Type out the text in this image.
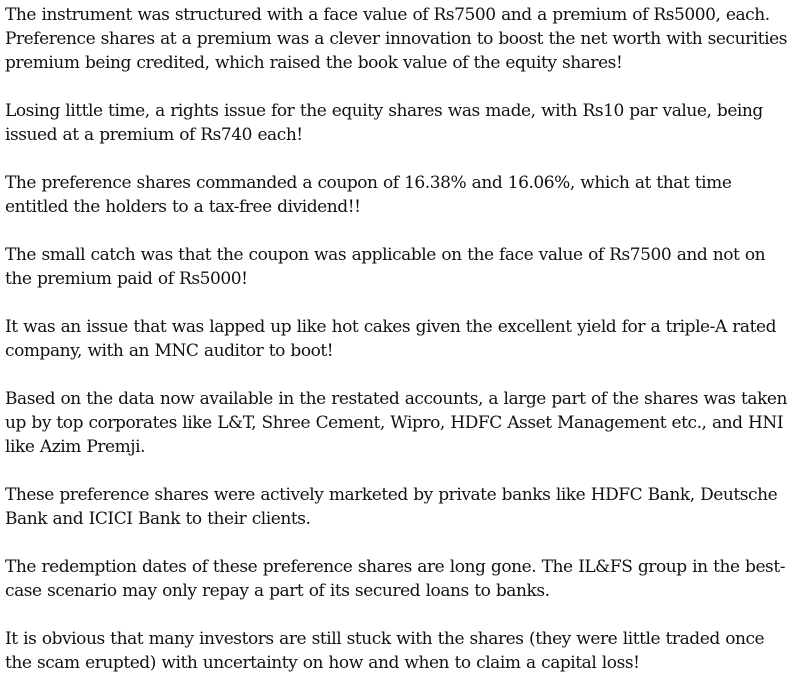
The instrument was structured with a face value of Rs7500 and a premium of Rs5000, each. Preference shares at a premium was a clever innovation to boost the net worth with securities premium being credited, which raised the book value of the equity shares!

Losing little time, a rights issue for the equity shares was made, with Rs10 par value, being issued at a premium of Rs740 each!

The preference shares commanded a coupon of 16.38% and 16.06%, which at that time entitled the holders to a tax-free dividend!!

The small catch was that the coupon was applicable on the face value of Rs7500 and not on the premium paid of Rs5000!

It was an issue that was lapped up like hot cakes given the excellent yield for a triple-A rated company, with an MNC auditor to boot!

Based on the data now available in the restated accounts, a large part of the shares was taken up by top corporates like L&T, Shree Cement, Wipro, HDFC Asset Management etc., and HNI like Azim Premji.

These preference shares were actively marketed by private banks like HDFC Bank, Deutsche Bank and ICICI Bank to their clients.

The redemption dates of these preference shares are long gone. The IL&FS group in the best-case scenario may only repay a part of its secured loans to banks.

It is obvious that many investors are still stuck with the shares (they were little traded once the scam erupted) with uncertainty on how and when to claim a capital loss!
